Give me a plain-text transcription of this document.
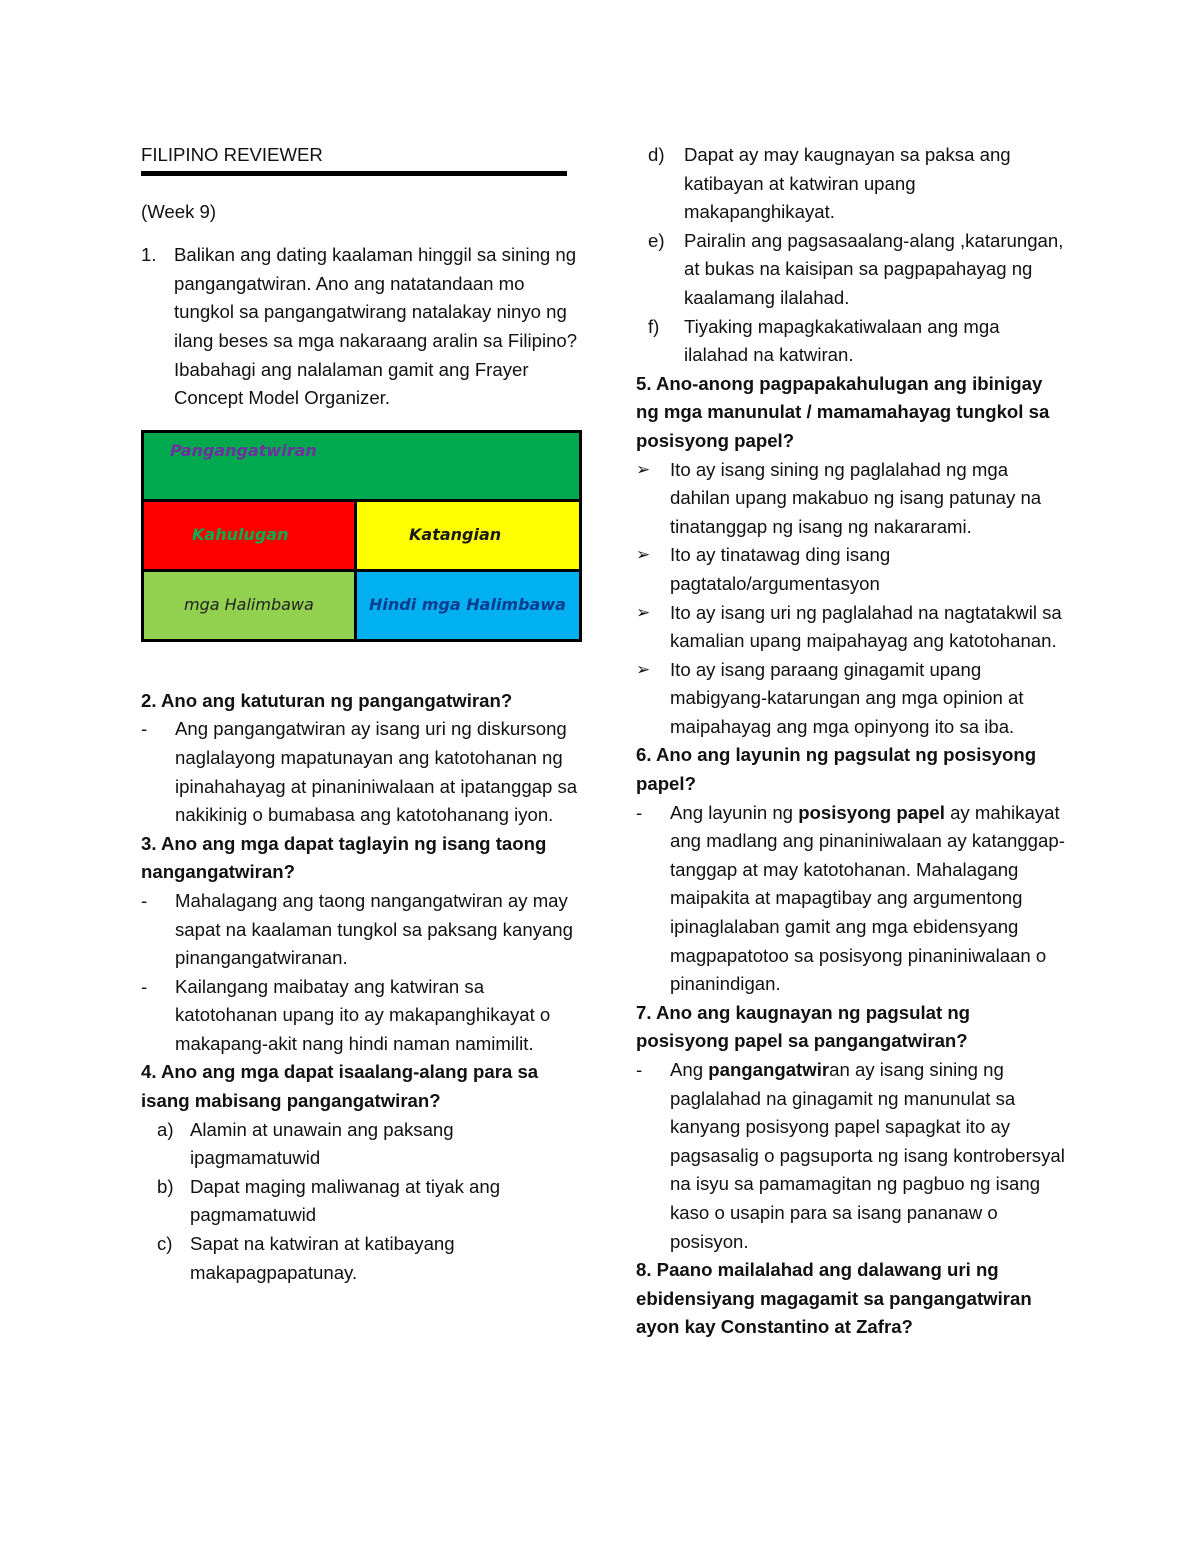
FILIPINO REVIEWER

(Week 9)

1. Balikan ang dating kaalaman hinggil sa sining ng pangangatwiran. Ano ang natatandaan mo tungkol sa pangangatwirang natalakay ninyo ng ilang beses sa mga nakaraang aralin sa Filipino? Ibabahagi ang nalalaman gamit ang Frayer Concept Model Organizer.
Pangangatwiran
Kahulugan	Katangian
mga Halimbawa	Hindi mga Halimbawa

2. Ano ang katuturan ng pangangatwiran?

-	Ang pangangatwiran ay isang uri ng diskursong naglalayong mapatunayan ang katotohanan ng ipinahahayag at pinaniniwalaan at ipatanggap sa nakikinig o bumabasa ang katotohanang iyon.

3. Ano ang mga dapat taglayin ng isang taong nangangatwiran?

-	Mahalagang ang taong nangangatwiran ay may sapat na kaalaman tungkol sa paksang kanyang pinangangatwiranan.
-	Kailangang maibatay ang katwiran sa katotohanan upang ito ay makapanghikayat o makapang-akit nang hindi naman namimilit.

4. Ano ang mga dapat isaalang-alang para sa isang mabisang pangangatwiran?

a) Alamin at unawain ang paksang ipagmamatuwid
b) Dapat maging maliwanag at tiyak ang pagmamatuwid
c) Sapat na katwiran at katibayang makapagpapatunay.
d)	Dapat ay may kaugnayan sa paksa ang katibayan at katwiran upang makapanghikayat.
e)	Pairalin ang pagsasaalang-alang ,katarungan, at bukas na kaisipan sa pagpapahayag ng kaalamang ilalahad.
f)	Tiyaking mapagkakatiwalaan ang mga ilalahad na katwiran.

5. Ano-anong pagpapakahulugan ang ibinigay ng mga manunulat / mamamahayag tungkol sa posisyong papel?

➢	Ito ay isang sining ng paglalahad ng mga dahilan upang makabuo ng isang patunay na tinatanggap ng isang ng nakararami.
➢	Ito ay tinatawag ding isang pagtatalo/argumentasyon
➢	Ito ay isang uri ng paglalahad na nagtatakwil sa kamalian upang maipahayag ang katotohanan.
➢	Ito ay isang paraang ginagamit upang mabigyang-katarungan ang mga opinion at maipahayag ang mga opinyong ito sa iba.

6. Ano ang layunin ng pagsulat ng posisyong papel?

-	Ang layunin ng posisyong papel ay mahikayat ang madlang ang pinaniniwalaan ay katanggap-tanggap at may katotohanan. Mahalagang maipakita at mapagtibay ang argumentong ipinaglalaban gamit ang mga ebidensyang magpapatotoo sa posisyong pinaniniwalaan o pinanindigan.

7. Ano ang kaugnayan ng pagsulat ng posisyong papel sa pangangatwiran?

-	Ang pangangatwiran ay isang sining ng paglalahad na ginagamit ng manunulat sa kanyang posisyong papel sapagkat ito ay pagsasalig o pagsuporta ng isang kontrobersyal na isyu sa pamamagitan ng pagbuo ng isang kaso o usapin para sa isang pananaw o posisyon.

8. Paano mailalahad ang dalawang uri ng ebidensiyang magagamit sa pangangatwiran ayon kay Constantino at Zafra?
